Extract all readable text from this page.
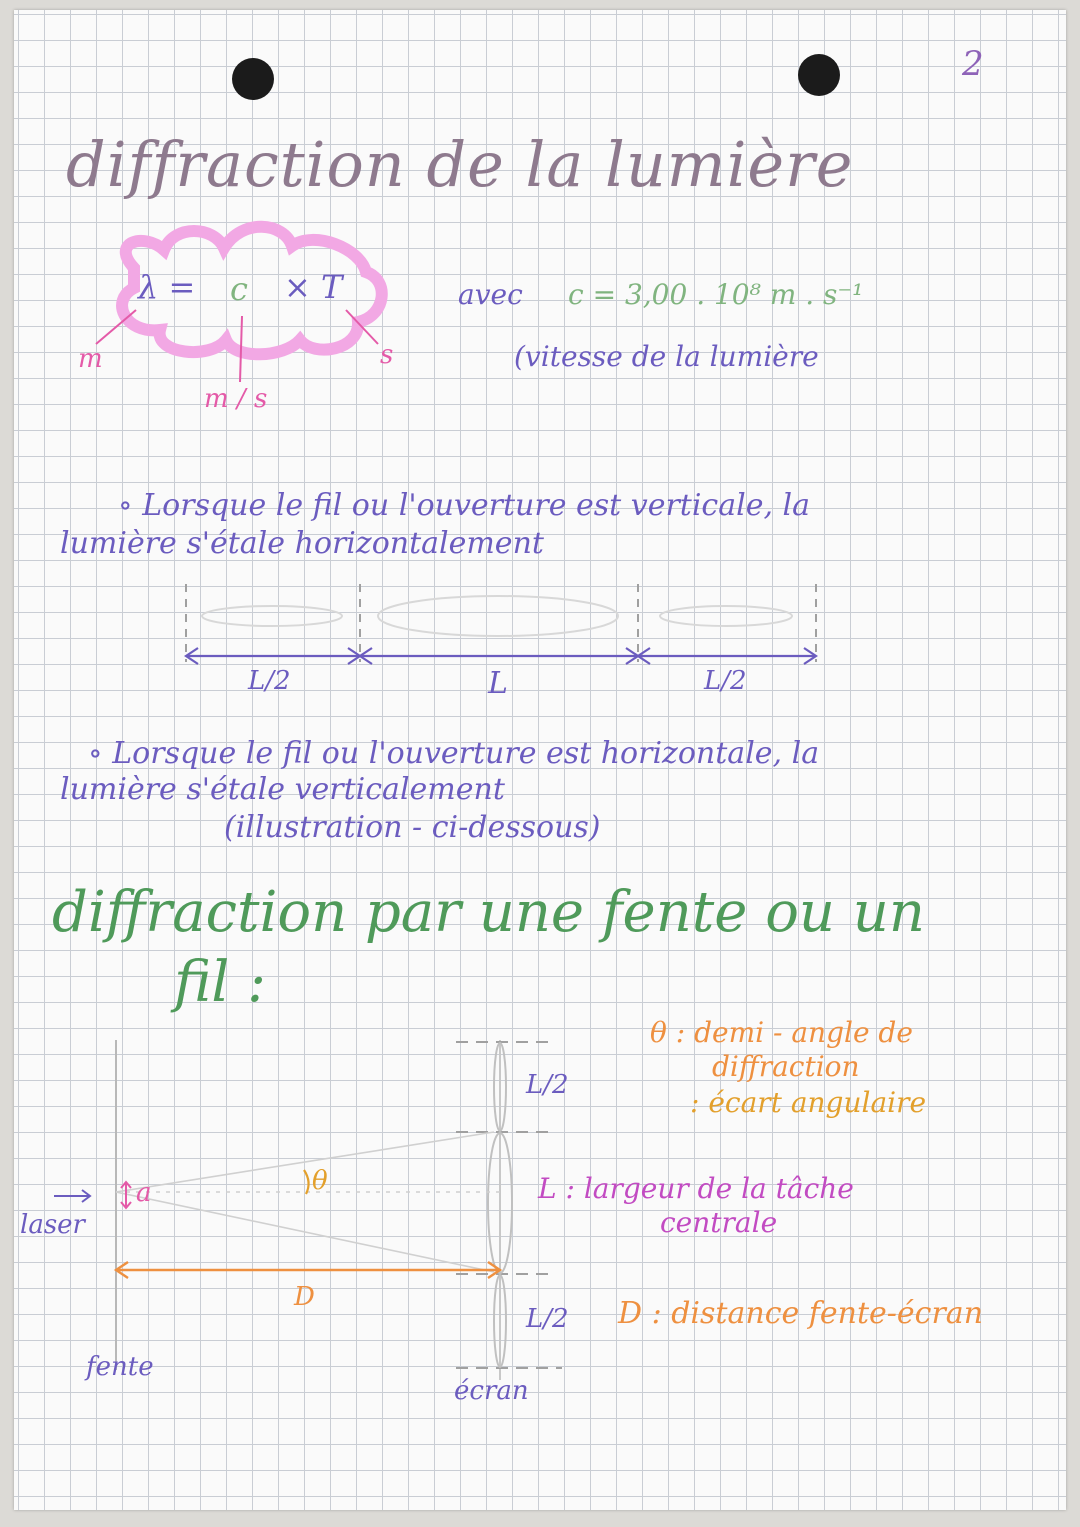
2
diffraction de la lumière
λ = c × T
m
m / s
s
avec c = 3,00 . 10⁸ m . s⁻¹
(vitesse de la lumière
∘ Lorsque le fil ou l'ouverture est verticale, la
lumière s'étale horizontalement
L/2	L	L/2
∘ Lorsque le fil ou l'ouverture est horizontale, la
lumière s'étale verticalement
(illustration - ci-dessous)
diffraction par une fente ou un
fil :
laser
a	θ
D
fente
écran
L/2
L/2
θ : demi - angle de
diffraction
: écart angulaire
L : largeur de la tâche
centrale
D : distance fente-écran
